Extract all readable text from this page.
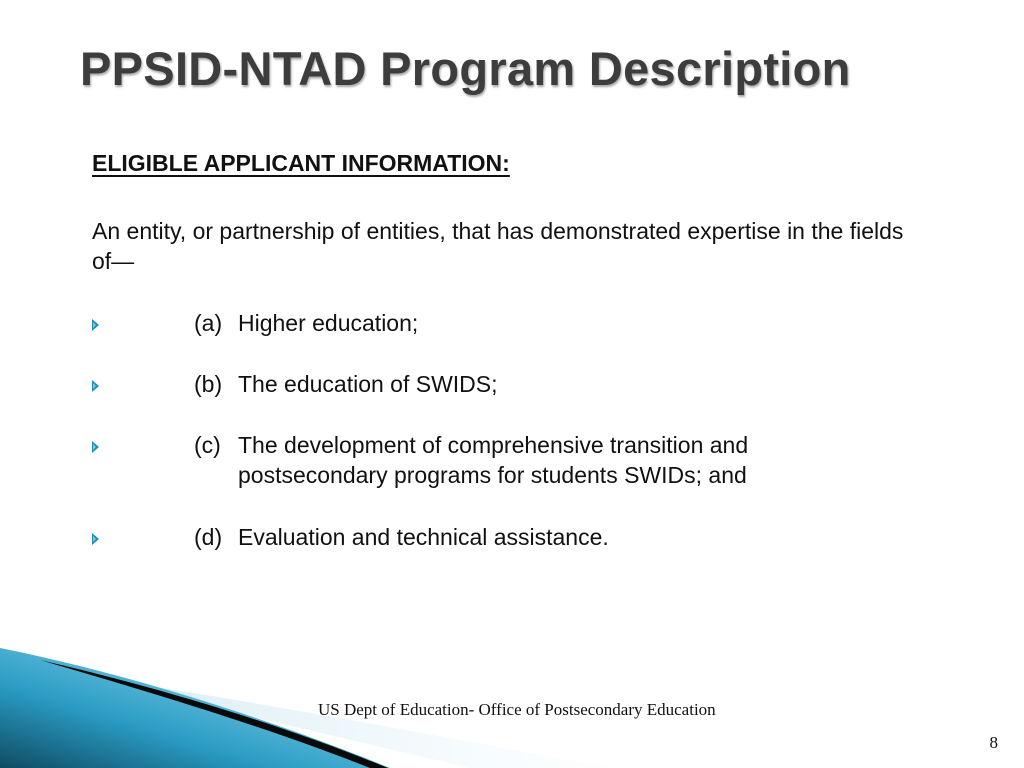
PPSID-NTAD Program Description
ELIGIBLE APPLICANT INFORMATION:

An entity, or partnership of entities, that has demonstrated expertise in the fields of—

(a) Higher education;
(b) The education of SWIDS;
(c) The development of comprehensive transition and postsecondary programs for students SWIDs; and
(d) Evaluation and technical assistance.
US Dept of Education- Office of Postsecondary Education
8
